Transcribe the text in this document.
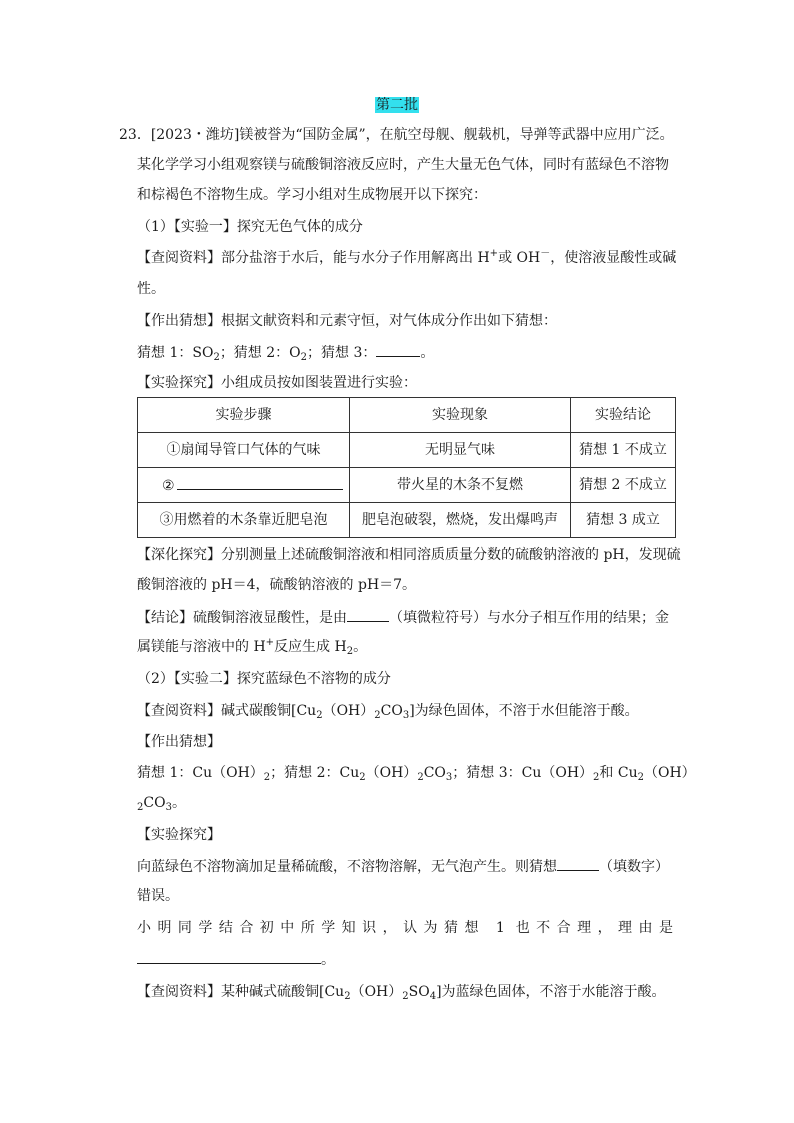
第二批
23．[2023・潍坊]镁被誉为“国防金属”，在航空母舰、舰载机，导弹等武器中应用广泛。
某化学学习小组观察镁与硫酸铜溶液反应时，产生大量无色气体，同时有蓝绿色不溶物
和棕褐色不溶物生成。学习小组对生成物展开以下探究：
（1）【实验一】探究无色气体的成分
【查阅资料】部分盐溶于水后，能与水分子作用解离出 H+或 OH－，使溶液显酸性或碱
性。
【作出猜想】根据文献资料和元素守恒，对气体成分作出如下猜想：
猜想 1：$SO_2$；猜想 2：$O_2$；猜想 3：	。
【实验探究】小组成员按如图装置进行实验：
实验步骤	实验现象	实验结论
①扇闻导管口气体的气味	无明显气味	猜想 1 不成立
②	带火星的木条不复燃	猜想 2 不成立
③用燃着的木条靠近肥皂泡	肥皂泡破裂，燃烧，发出爆鸣声	猜想 3 成立
【深化探究】分别测量上述硫酸铜溶液和相同溶质质量分数的硫酸钠溶液的 pH，发现硫
酸铜溶液的 pH＝4，硫酸钠溶液的 pH＝7。
【结论】硫酸铜溶液显酸性，是由	（填微粒符号）与水分子相互作用的结果；金
属镁能与溶液中的 H+反应生成 $H_2$。
（2）【实验二】探究蓝绿色不溶物的成分
【查阅资料】碱式碳酸铜$[Cu_2(OH)_2CO_3]$为绿色固体，不溶于水但能溶于酸。
【作出猜想】
猜想 1：$Cu(OH)_2$；猜想 2：$Cu_2(OH)_2CO_3$；猜想 3：$Cu(OH)_2$和 $Cu_2(OH)$
$_2CO_3$。
【实验探究】
向蓝绿色不溶物滴加足量稀硫酸，不溶物溶解，无气泡产生。则猜想	（填数字）
错误。
小明同学结合初中所学知识，认为猜想 1 也不合理，理由是
。
【查阅资料】某种碱式硫酸铜$[Cu_2(OH)_2SO_4]$为蓝绿色固体，不溶于水能溶于酸。
